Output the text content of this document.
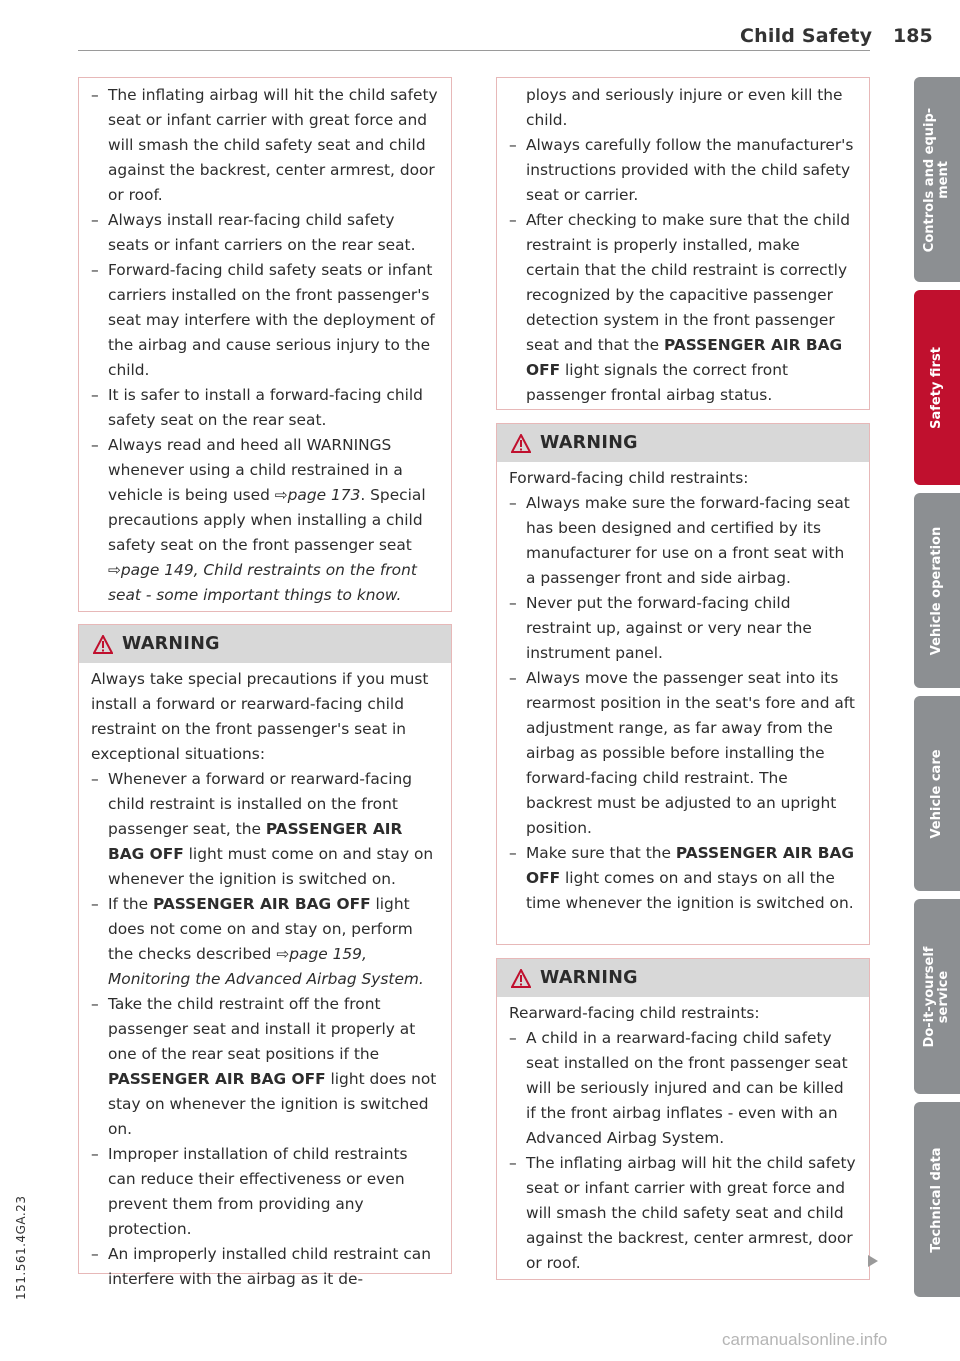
Child Safety 185
– The inflating airbag will hit the child safety seat or infant carrier with great force and will smash the child safety seat and child against the backrest, center armrest, door or roof.
– Always install rear-facing child safety seats or infant carriers on the rear seat.
– Forward-facing child safety seats or infant carriers installed on the front passenger's seat may interfere with the deployment of the airbag and cause serious injury to the child.
– It is safer to install a forward-facing child safety seat on the rear seat.
– Always read and heed all WARNINGS whenever using a child restrained in a vehicle is being used ⇨page 173. Special precautions apply when installing a child safety seat on the front passenger seat ⇨page 149, Child restraints on the front seat - some important things to know.
WARNING

Always take special precautions if you must install a forward or rearward-facing child restraint on the front passenger's seat in exceptional situations:

– Whenever a forward or rearward-facing child restraint is installed on the front passenger seat, the PASSENGER AIR BAG OFF light must come on and stay on whenever the ignition is switched on.
– If the PASSENGER AIR BAG OFF light does not come on and stay on, perform the checks described ⇨page 159, Monitoring the Advanced Airbag System.
– Take the child restraint off the front passenger seat and install it properly at one of the rear seat positions if the PASSENGER AIR BAG OFF light does not stay on whenever the ignition is switched on.
– Improper installation of child restraints can reduce their effectiveness or even prevent them from providing any protection.
– An improperly installed child restraint can interfere with the airbag as it de-

ploys and seriously injure or even kill the child.

– Always carefully follow the manufacturer's instructions provided with the child safety seat or carrier.
– After checking to make sure that the child restraint is properly installed, make certain that the child restraint is correctly recognized by the capacitive passenger detection system in the front passenger seat and that the PASSENGER AIR BAG OFF light signals the correct front passenger frontal airbag status.
WARNING

Forward-facing child restraints:

– Always make sure the forward-facing seat has been designed and certified by its manufacturer for use on a front seat with a passenger front and side airbag.
– Never put the forward-facing child restraint up, against or very near the instrument panel.
– Always move the passenger seat into its rearmost position in the seat's fore and aft adjustment range, as far away from the airbag as possible before installing the forward-facing child restraint. The backrest must be adjusted to an upright position.
– Make sure that the PASSENGER AIR BAG OFF light comes on and stays on all the time whenever the ignition is switched on.
WARNING

Rearward-facing child restraints:

– A child in a rearward-facing child safety seat installed on the front passenger seat will be seriously injured and can be killed if the front airbag inflates - even with an Advanced Airbag System.
– The inflating airbag will hit the child safety seat or infant carrier with great force and will smash the child safety seat and child against the backrest, center armrest, door or roof.
Controls and equip-
ment
Safety first
Vehicle operation
Vehicle care
Do-it-yourself
service
Technical data
151.561.4GA.23
carmanualsonline.info
